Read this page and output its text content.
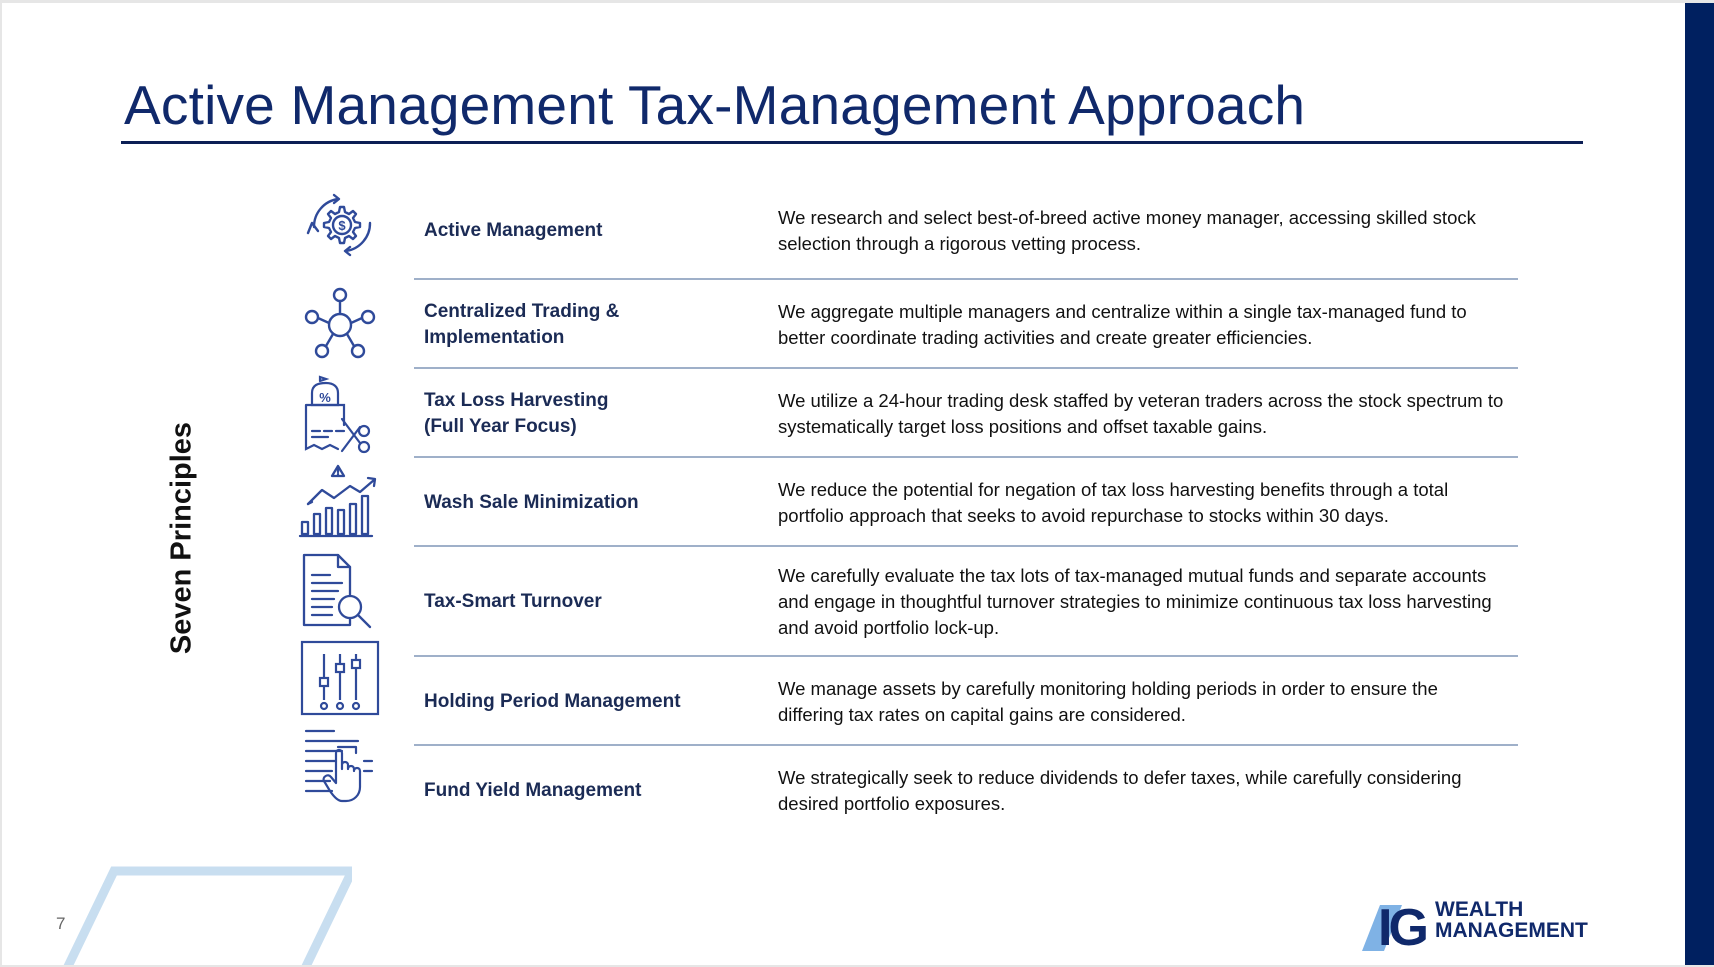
Active Management Tax-Management Approach
Seven Principles
Active Management
We research and select best-of-breed active money manager, accessing skilled stock selection through a rigorous vetting process.
Centralized Trading & Implementation
We aggregate multiple managers and centralize within a single tax-managed fund to better coordinate trading activities and create greater efficiencies.
Tax Loss Harvesting
(Full Year Focus)
We utilize a 24-hour trading desk staffed by veteran traders across the stock spectrum to systematically target loss positions and offset taxable gains.
Wash Sale Minimization
We reduce the potential for negation of tax loss harvesting benefits through a total portfolio approach that seeks to avoid repurchase to stocks within 30 days.
Tax-Smart Turnover
We carefully evaluate the tax lots of tax-managed mutual funds and separate accounts and engage in thoughtful turnover strategies to minimize continuous tax loss harvesting and avoid portfolio lock-up.
Holding Period Management
We manage assets by carefully monitoring holding periods in order to ensure the differing tax rates on capital gains are considered.
Fund Yield Management
We strategically seek to reduce dividends to defer taxes, while carefully considering desired portfolio exposures.
$
%
7	IG WEALTH
MANAGEMENT
